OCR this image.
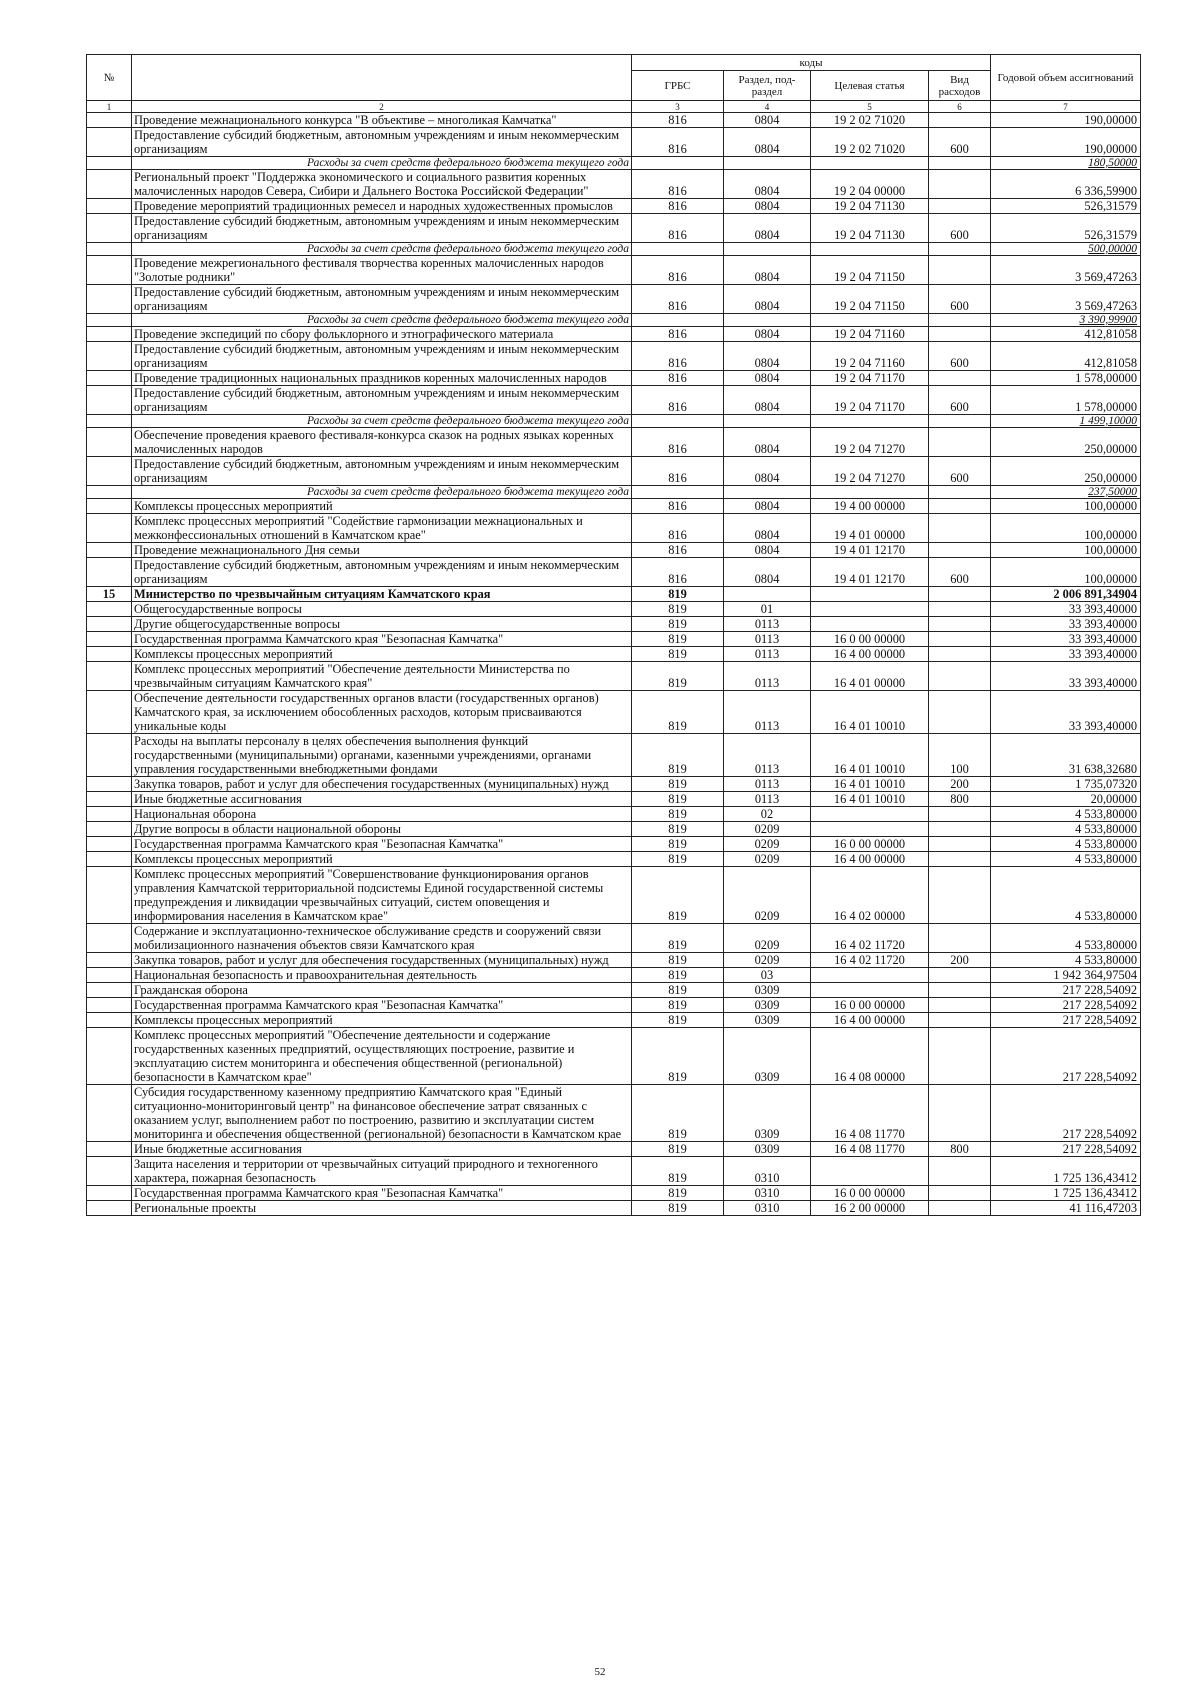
№		коды				Годовой объем ассигнований
		ГРБС	Раздел, под-раздел	Целевая статья	Вид расходов	
1	2	3	4	5	6	7
	Проведение межнационального конкурса "В объективе – многоликая Камчатка"	816	0804	19 2 02 71020		190,00000
	Предоставление субсидий бюджетным, автономным учреждениям и иным некоммерческим организациям	816	0804	19 2 02 71020	600	190,00000
	Расходы за счет средств федерального бюджета текущего года					180,50000
	Региональный проект "Поддержка экономического и социального развития коренных малочисленных народов Севера, Сибири и Дальнего Востока Российской Федерации"	816	0804	19 2 04 00000		6 336,59900
	Проведение мероприятий традиционных ремесел и народных художественных промыслов	816	0804	19 2 04 71130		526,31579
	Предоставление субсидий бюджетным, автономным учреждениям и иным некоммерческим организациям	816	0804	19 2 04 71130	600	526,31579
	Расходы за счет средств федерального бюджета текущего года					500,00000
	Проведение межрегионального фестиваля творчества коренных малочисленных народов "Золотые родники"	816	0804	19 2 04 71150		3 569,47263
	Предоставление субсидий бюджетным, автономным учреждениям и иным некоммерческим организациям	816	0804	19 2 04 71150	600	3 569,47263
	Расходы за счет средств федерального бюджета текущего года					3 390,99900
	Проведение экспедиций по сбору фольклорного и этнографического материала	816	0804	19 2 04 71160		412,81058
	Предоставление субсидий бюджетным, автономным учреждениям и иным некоммерческим организациям	816	0804	19 2 04 71160	600	412,81058
	Проведение традиционных национальных праздников коренных малочисленных народов	816	0804	19 2 04 71170		1 578,00000
	Предоставление субсидий бюджетным, автономным учреждениям и иным некоммерческим организациям	816	0804	19 2 04 71170	600	1 578,00000
	Расходы за счет средств федерального бюджета текущего года					1 499,10000
	Обеспечение проведения краевого фестиваля-конкурса сказок на родных языках коренных малочисленных народов	816	0804	19 2 04 71270		250,00000
	Предоставление субсидий бюджетным, автономным учреждениям и иным некоммерческим организациям	816	0804	19 2 04 71270	600	250,00000
	Расходы за счет средств федерального бюджета текущего года					237,50000
	Комплексы процессных мероприятий	816	0804	19 4 00 00000		100,00000
	Комплекс процессных мероприятий "Содействие гармонизации межнациональных и межконфессиональных отношений в Камчатском крае"	816	0804	19 4 01 00000		100,00000
	Проведение межнационального Дня семьи	816	0804	19 4 01 12170		100,00000
	Предоставление субсидий бюджетным, автономным учреждениям и иным некоммерческим организациям	816	0804	19 4 01 12170	600	100,00000
15	Министерство по чрезвычайным ситуациям Камчатского края	819				2 006 891,34904
	Общегосударственные вопросы	819	01			33 393,40000
	Другие общегосударственные вопросы	819	0113			33 393,40000
	Государственная программа Камчатского края "Безопасная Камчатка"	819	0113	16 0 00 00000		33 393,40000
	Комплексы процессных мероприятий	819	0113	16 4 00 00000		33 393,40000
	Комплекс процессных мероприятий "Обеспечение деятельности Министерства по чрезвычайным ситуациям Камчатского края"	819	0113	16 4 01 00000		33 393,40000
	Обеспечение деятельности государственных органов власти (государственных органов) Камчатского края, за исключением обособленных расходов, которым присваиваются уникальные коды	819	0113	16 4 01 10010		33 393,40000
	Расходы на выплаты персоналу в целях обеспечения выполнения функций государственными (муниципальными) органами, казенными учреждениями, органами управления государственными внебюджетными фондами	819	0113	16 4 01 10010	100	31 638,32680
	Закупка товаров, работ и услуг для обеспечения государственных (муниципальных) нужд	819	0113	16 4 01 10010	200	1 735,07320
	Иные бюджетные ассигнования	819	0113	16 4 01 10010	800	20,00000
	Национальная оборона	819	02			4 533,80000
	Другие вопросы в области национальной обороны	819	0209			4 533,80000
	Государственная программа Камчатского края "Безопасная Камчатка"	819	0209	16 0 00 00000		4 533,80000
	Комплексы процессных мероприятий	819	0209	16 4 00 00000		4 533,80000
	Комплекс процессных мероприятий "Совершенствование функционирования органов управления Камчатской территориальной подсистемы Единой государственной системы предупреждения и ликвидации чрезвычайных ситуаций, систем оповещения и информирования населения в Камчатском крае"	819	0209	16 4 02 00000		4 533,80000
	Содержание и эксплуатационно-техническое обслуживание средств и сооружений связи мобилизационного назначения объектов связи Камчатского края	819	0209	16 4 02 11720		4 533,80000
	Закупка товаров, работ и услуг для обеспечения государственных (муниципальных) нужд	819	0209	16 4 02 11720	200	4 533,80000
	Национальная безопасность и правоохранительная деятельность	819	03			1 942 364,97504
	Гражданская оборона	819	0309			217 228,54092
	Государственная программа Камчатского края "Безопасная Камчатка"	819	0309	16 0 00 00000		217 228,54092
	Комплексы процессных мероприятий	819	0309	16 4 00 00000		217 228,54092
	Комплекс процессных мероприятий "Обеспечение деятельности и содержание государственных казенных предприятий, осуществляющих построение, развитие и эксплуатацию систем мониторинга и обеспечения общественной (региональной) безопасности в Камчатском крае"	819	0309	16 4 08 00000		217 228,54092
	Субсидия государственному казенному предприятию Камчатского края "Единый ситуационно-мониторинговый центр" на финансовое обеспечение затрат связанных с оказанием услуг, выполнением работ по построению, развитию и эксплуатации систем мониторинга и обеспечения общественной (региональной) безопасности в Камчатском крае	819	0309	16 4 08 11770		217 228,54092
	Иные бюджетные ассигнования	819	0309	16 4 08 11770	800	217 228,54092
	Защита населения и территории от чрезвычайных ситуаций природного и техногенного характера, пожарная безопасность	819	0310			1 725 136,43412
	Государственная программа Камчатского края "Безопасная Камчатка"	819	0310	16 0 00 00000		1 725 136,43412
	Региональные проекты	819	0310	16 2 00 00000		41 116,47203
52
